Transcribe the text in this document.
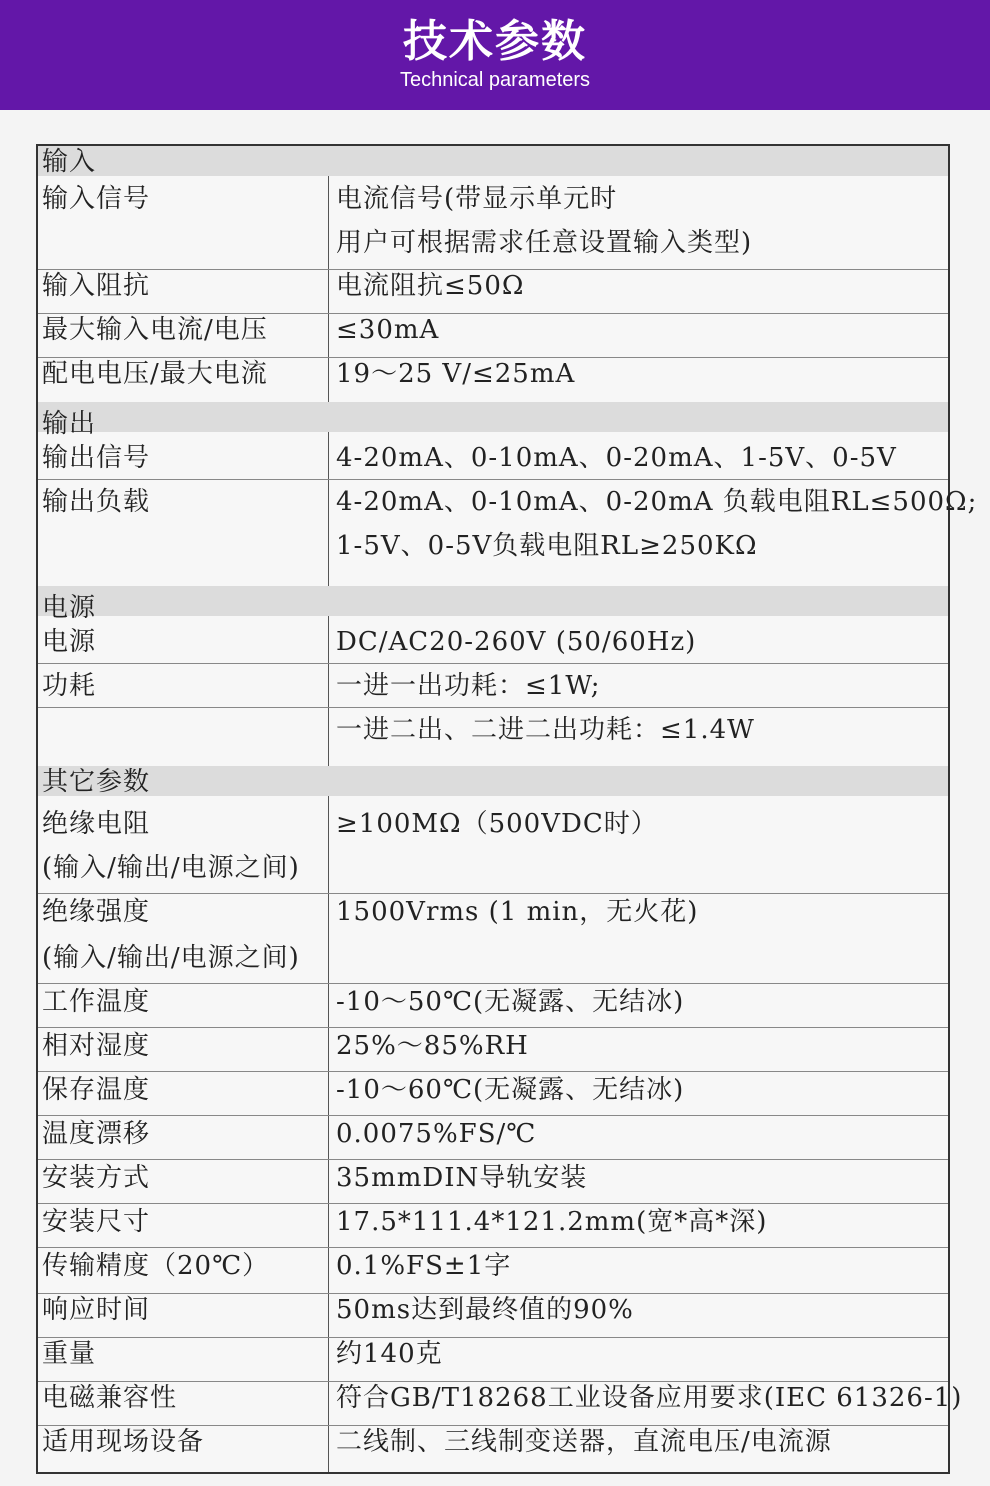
技术参数
Technical parameters
输入
输入信号	电流信号(带显示单元时
用户可根据需求任意设置输入类型)
输入阻抗	电流阻抗≤50Ω
最大输入电流/电压	≤30mA
配电电压/最大电流	19～25 V/≤25mA
输出
输出信号	4-20mA、0-10mA、0-20mA、1-5V、0-5V
输出负载	4-20mA、0-10mA、0-20mA 负载电阻RL≤500Ω;
1-5V、0-5V负载电阻RL≥250KΩ
电源
电源	DC/AC20-260V (50/60Hz)
功耗	一进一出功耗：≤1W;
一进二出、二进二出功耗：≤1.4W
其它参数
绝缘电阻	≥100MΩ（500VDC时）
(输入/输出/电源之间)
绝缘强度	1500Vrms (1 min，无火花)
(输入/输出/电源之间)
工作温度	-10～50℃(无凝露、无结冰)
相对湿度	25%～85%RH
保存温度	-10～60℃(无凝露、无结冰)
温度漂移	0.0075%FS/℃
安装方式	35mmDIN导轨安装
安装尺寸	17.5*111.4*121.2mm(宽*高*深)
传输精度（20℃）	0.1%FS±1字
响应时间	50ms达到最终值的90%
重量	约140克
电磁兼容性	符合GB/T18268工业设备应用要求(IEC 61326-1)
适用现场设备	二线制、三线制变送器，直流电压/电流源
